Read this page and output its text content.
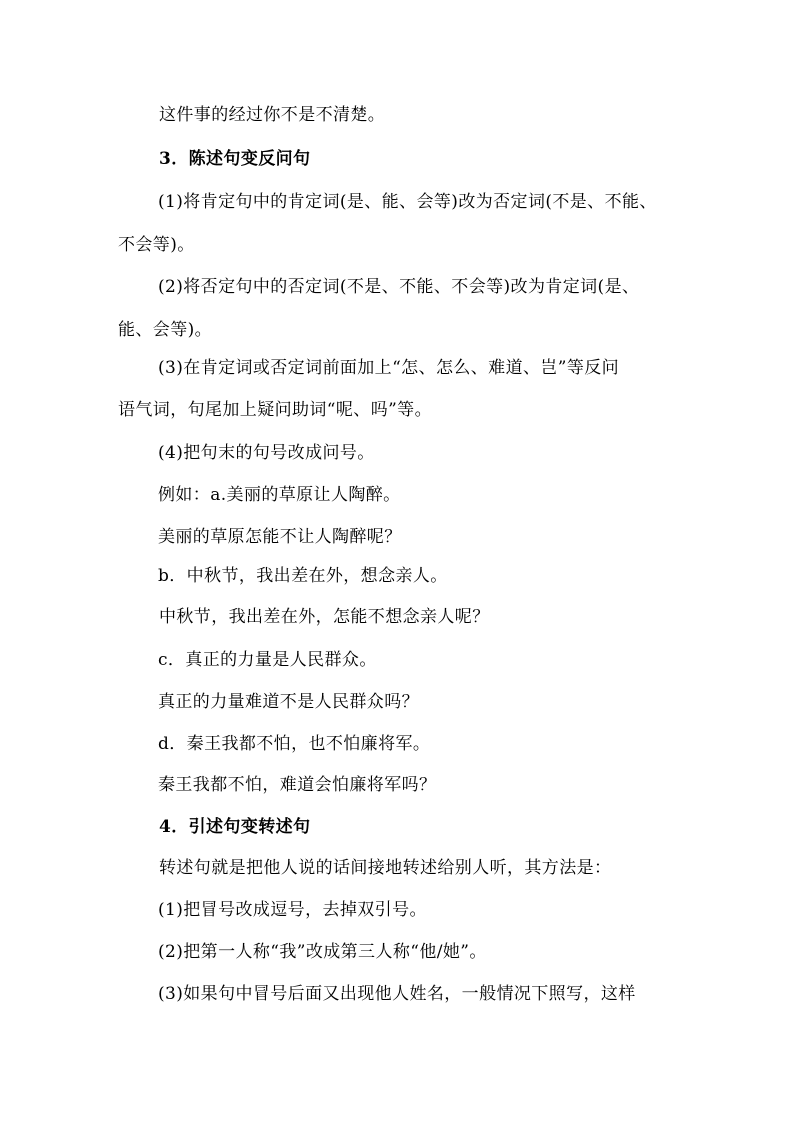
这件事的经过你不是不清楚。
3．陈述句变反问句
(1)将肯定句中的肯定词(是、能、会等)改为否定词(不是、不能、
不会等)。
(2)将否定句中的否定词(不是、不能、不会等)改为肯定词(是、
能、会等)。
(3)在肯定词或否定词前面加上“怎、怎么、难道、岂”等反问
语气词，句尾加上疑问助词“呢、吗”等。
(4)把句末的句号改成问号。
例如：a.美丽的草原让人陶醉。
美丽的草原怎能不让人陶醉呢？
b．中秋节，我出差在外，想念亲人。
中秋节，我出差在外，怎能不想念亲人呢？
c．真正的力量是人民群众。
真正的力量难道不是人民群众吗？
d．秦王我都不怕，也不怕廉将军。
秦王我都不怕，难道会怕廉将军吗？
4．引述句变转述句
转述句就是把他人说的话间接地转述给别人听，其方法是：
(1)把冒号改成逗号，去掉双引号。
(2)把第一人称“我”改成第三人称“他/她”。
(3)如果句中冒号后面又出现他人姓名，一般情况下照写，这样
